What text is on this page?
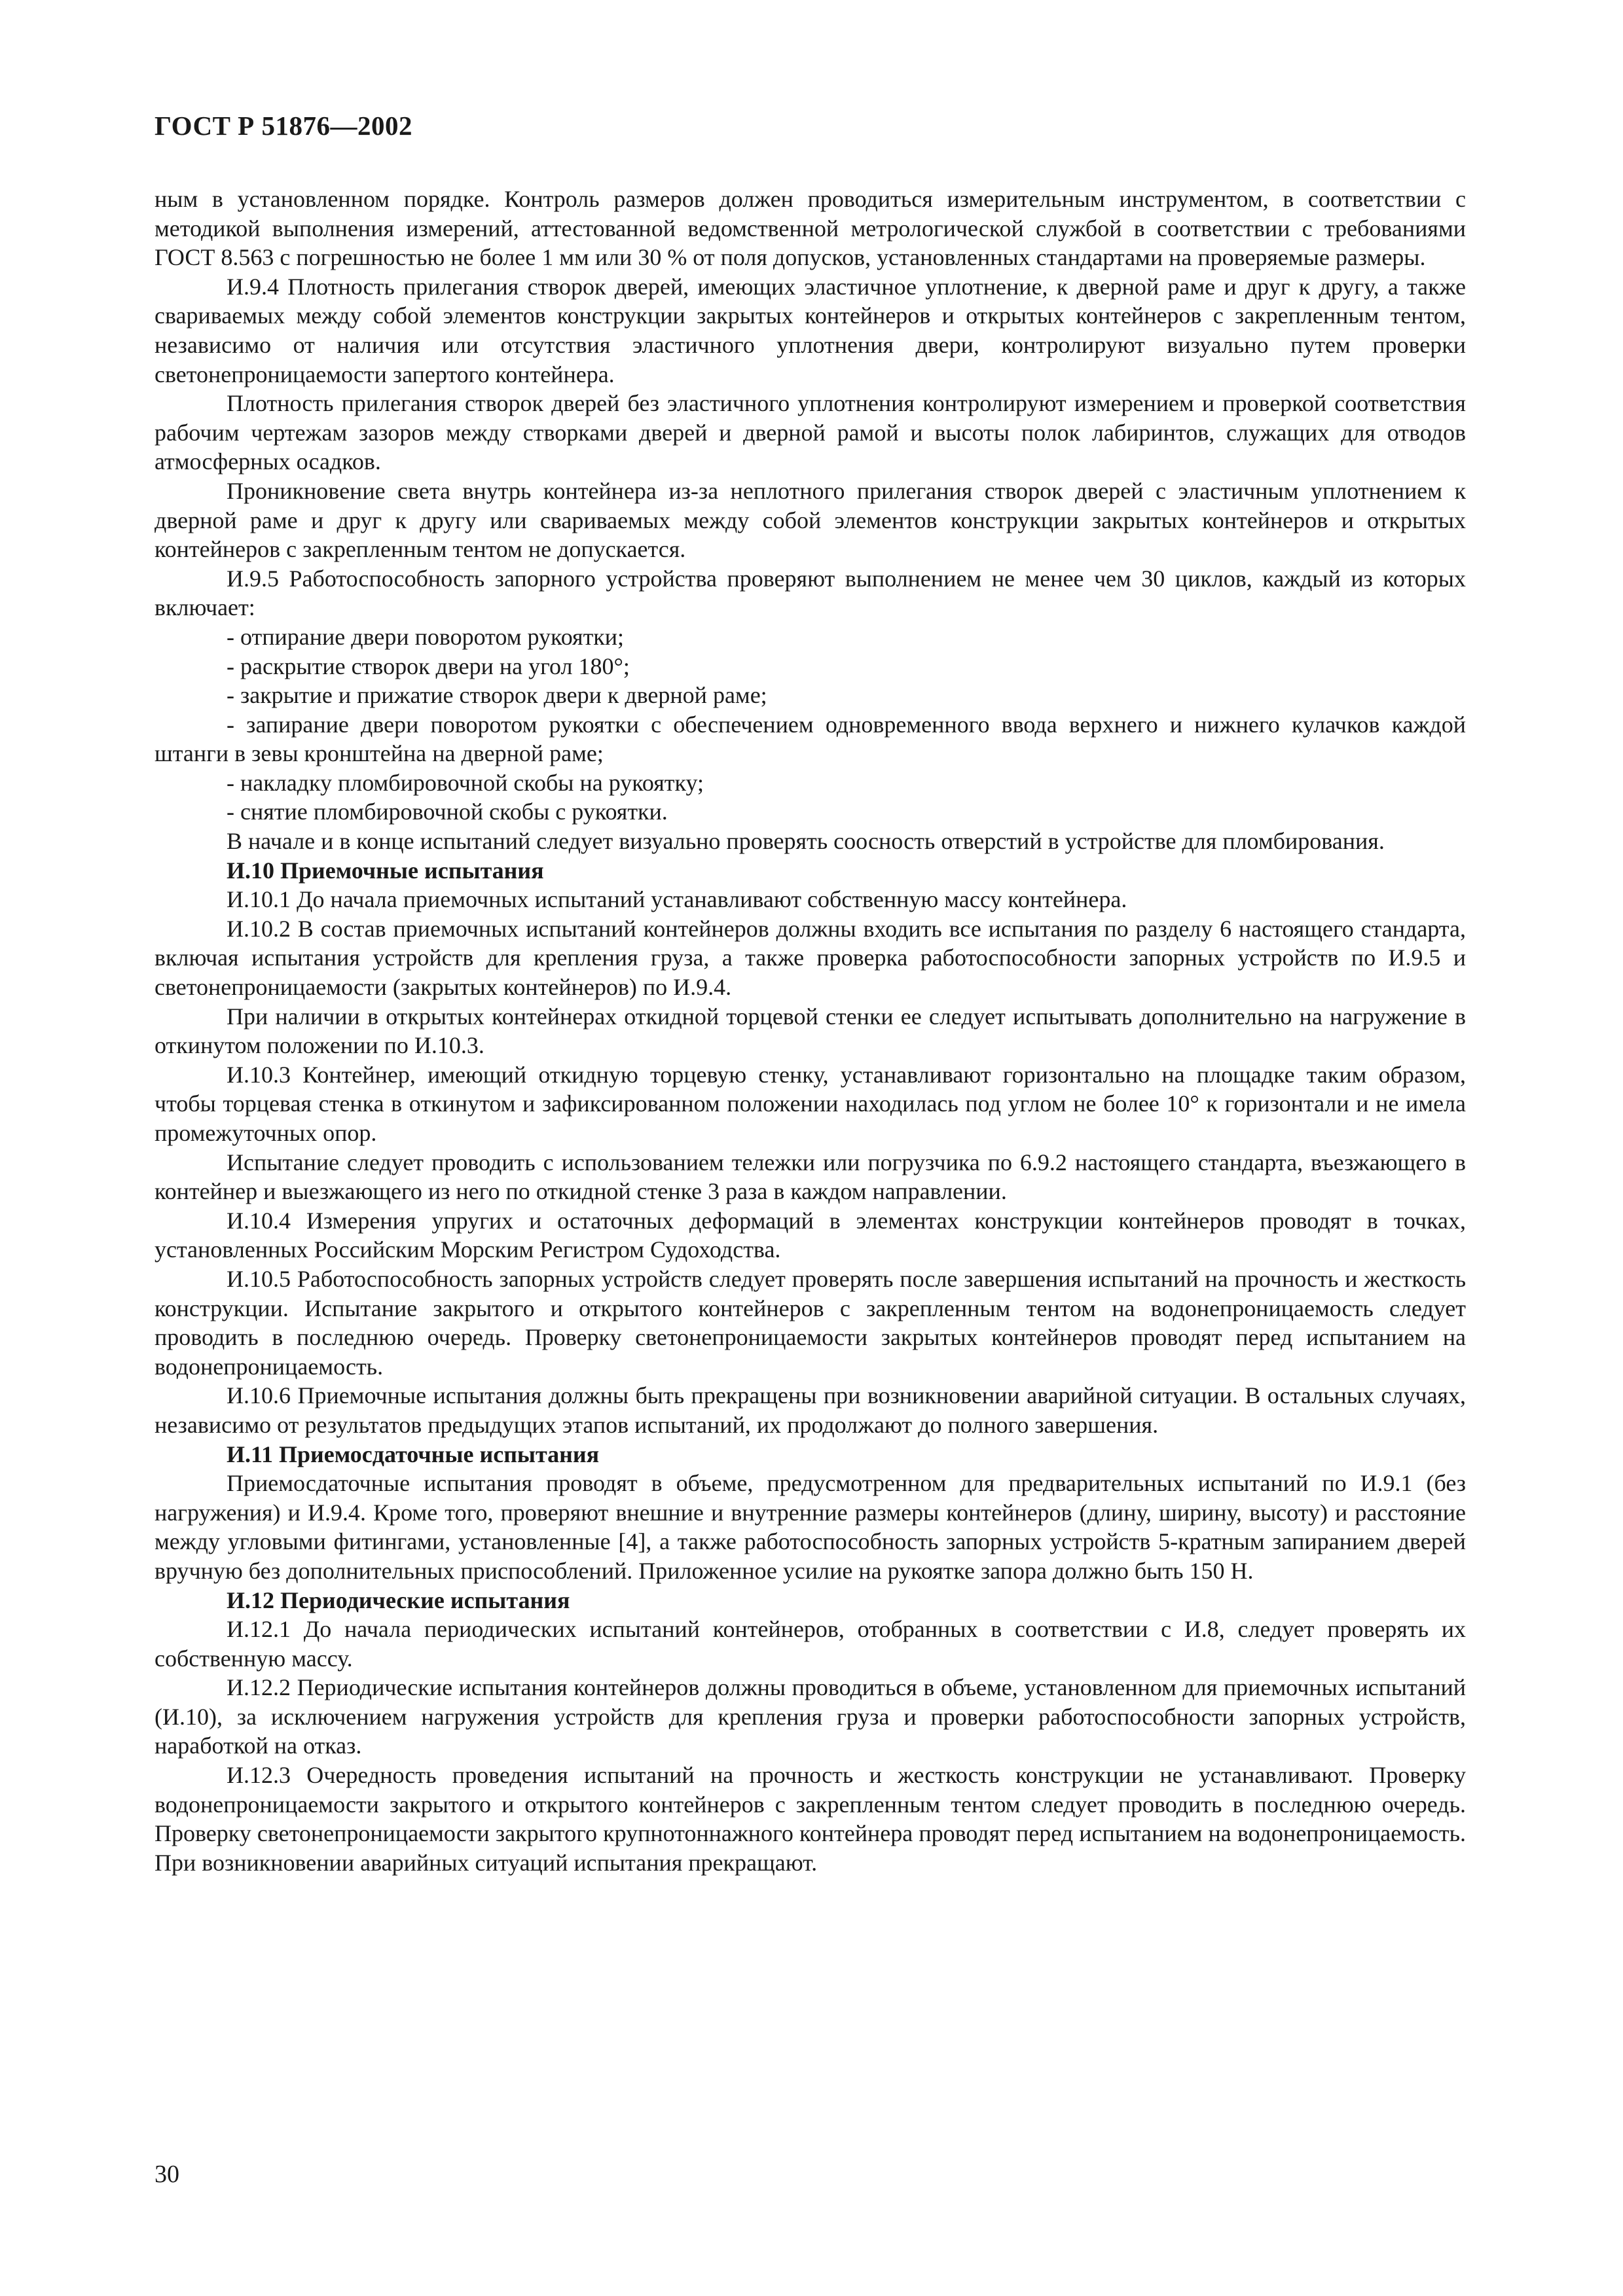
ГОСТ Р 51876—2002

ным в установленном порядке. Контроль размеров должен проводиться измерительным инструментом, в соответствии с методикой выполнения измерений, аттестованной ведомственной метрологической службой в соответствии с требованиями ГОСТ 8.563 с погрешностью не более 1 мм или 30 % от поля допусков, установленных стандартами на проверяемые размеры.

И.9.4 Плотность прилегания створок дверей, имеющих эластичное уплотнение, к дверной раме и друг к другу, а также свариваемых между собой элементов конструкции закрытых контейнеров и открытых контейнеров с закрепленным тентом, независимо от наличия или отсутствия эластичного уплотнения двери, контролируют визуально путем проверки светонепроницаемости запертого контейнера.

Плотность прилегания створок дверей без эластичного уплотнения контролируют измерением и проверкой соответствия рабочим чертежам зазоров между створками дверей и дверной рамой и высоты полок лабиринтов, служащих для отводов атмосферных осадков.

Проникновение света внутрь контейнера из-за неплотного прилегания створок дверей с эластичным уплотнением к дверной раме и друг к другу или свариваемых между собой элементов конструкции закрытых контейнеров и открытых контейнеров с закрепленным тентом не допускается.

И.9.5 Работоспособность запорного устройства проверяют выполнением не менее чем 30 циклов, каждый из которых включает:

- отпирание двери поворотом рукоятки;
- раскрытие створок двери на угол 180°;
- закрытие и прижатие створок двери к дверной раме;
- запирание двери поворотом рукоятки с обеспечением одновременного ввода верхнего и нижнего кулачков каждой штанги в зевы кронштейна на дверной раме;
- накладку пломбировочной скобы на рукоятку;
- снятие пломбировочной скобы с рукоятки.

В начале и в конце испытаний следует визуально проверять соосность отверстий в устройстве для пломбирования.

И.10 Приемочные испытания

И.10.1 До начала приемочных испытаний устанавливают собственную массу контейнера.

И.10.2 В состав приемочных испытаний контейнеров должны входить все испытания по разделу 6 настоящего стандарта, включая испытания устройств для крепления груза, а также проверка работоспособности запорных устройств по И.9.5 и светонепроницаемости (закрытых контейнеров) по И.9.4.

При наличии в открытых контейнерах откидной торцевой стенки ее следует испытывать дополнительно на нагружение в откинутом положении по И.10.3.

И.10.3 Контейнер, имеющий откидную торцевую стенку, устанавливают горизонтально на площадке таким образом, чтобы торцевая стенка в откинутом и зафиксированном положении находилась под углом не более 10° к горизонтали и не имела промежуточных опор.

Испытание следует проводить с использованием тележки или погрузчика по 6.9.2 настоящего стандарта, въезжающего в контейнер и выезжающего из него по откидной стенке 3 раза в каждом направлении.

И.10.4 Измерения упругих и остаточных деформаций в элементах конструкции контейнеров проводят в точках, установленных Российским Морским Регистром Судоходства.

И.10.5 Работоспособность запорных устройств следует проверять после завершения испытаний на прочность и жесткость конструкции. Испытание закрытого и открытого контейнеров с закрепленным тентом на водонепроницаемость следует проводить в последнюю очередь. Проверку светонепроницаемости закрытых контейнеров проводят перед испытанием на водонепроницаемость.

И.10.6 Приемочные испытания должны быть прекращены при возникновении аварийной ситуации. В остальных случаях, независимо от результатов предыдущих этапов испытаний, их продолжают до полного завершения.

И.11 Приемосдаточные испытания

Приемосдаточные испытания проводят в объеме, предусмотренном для предварительных испытаний по И.9.1 (без нагружения) и И.9.4. Кроме того, проверяют внешние и внутренние размеры контейнеров (длину, ширину, высоту) и расстояние между угловыми фитингами, установленные [4], а также работоспособность запорных устройств 5-кратным запиранием дверей вручную без дополнительных приспособлений. Приложенное усилие на рукоятке запора должно быть 150 Н.

И.12 Периодические испытания

И.12.1 До начала периодических испытаний контейнеров, отобранных в соответствии с И.8, следует проверять их собственную массу.

И.12.2 Периодические испытания контейнеров должны проводиться в объеме, установленном для приемочных испытаний (И.10), за исключением нагружения устройств для крепления груза и проверки работоспособности запорных устройств, наработкой на отказ.

И.12.3 Очередность проведения испытаний на прочность и жесткость конструкции не устанавливают. Проверку водонепроницаемости закрытого и открытого контейнеров с закрепленным тентом следует проводить в последнюю очередь. Проверку светонепроницаемости закрытого крупнотоннажного контейнера проводят перед испытанием на водонепроницаемость. При возникновении аварийных ситуаций испытания прекращают.

30
